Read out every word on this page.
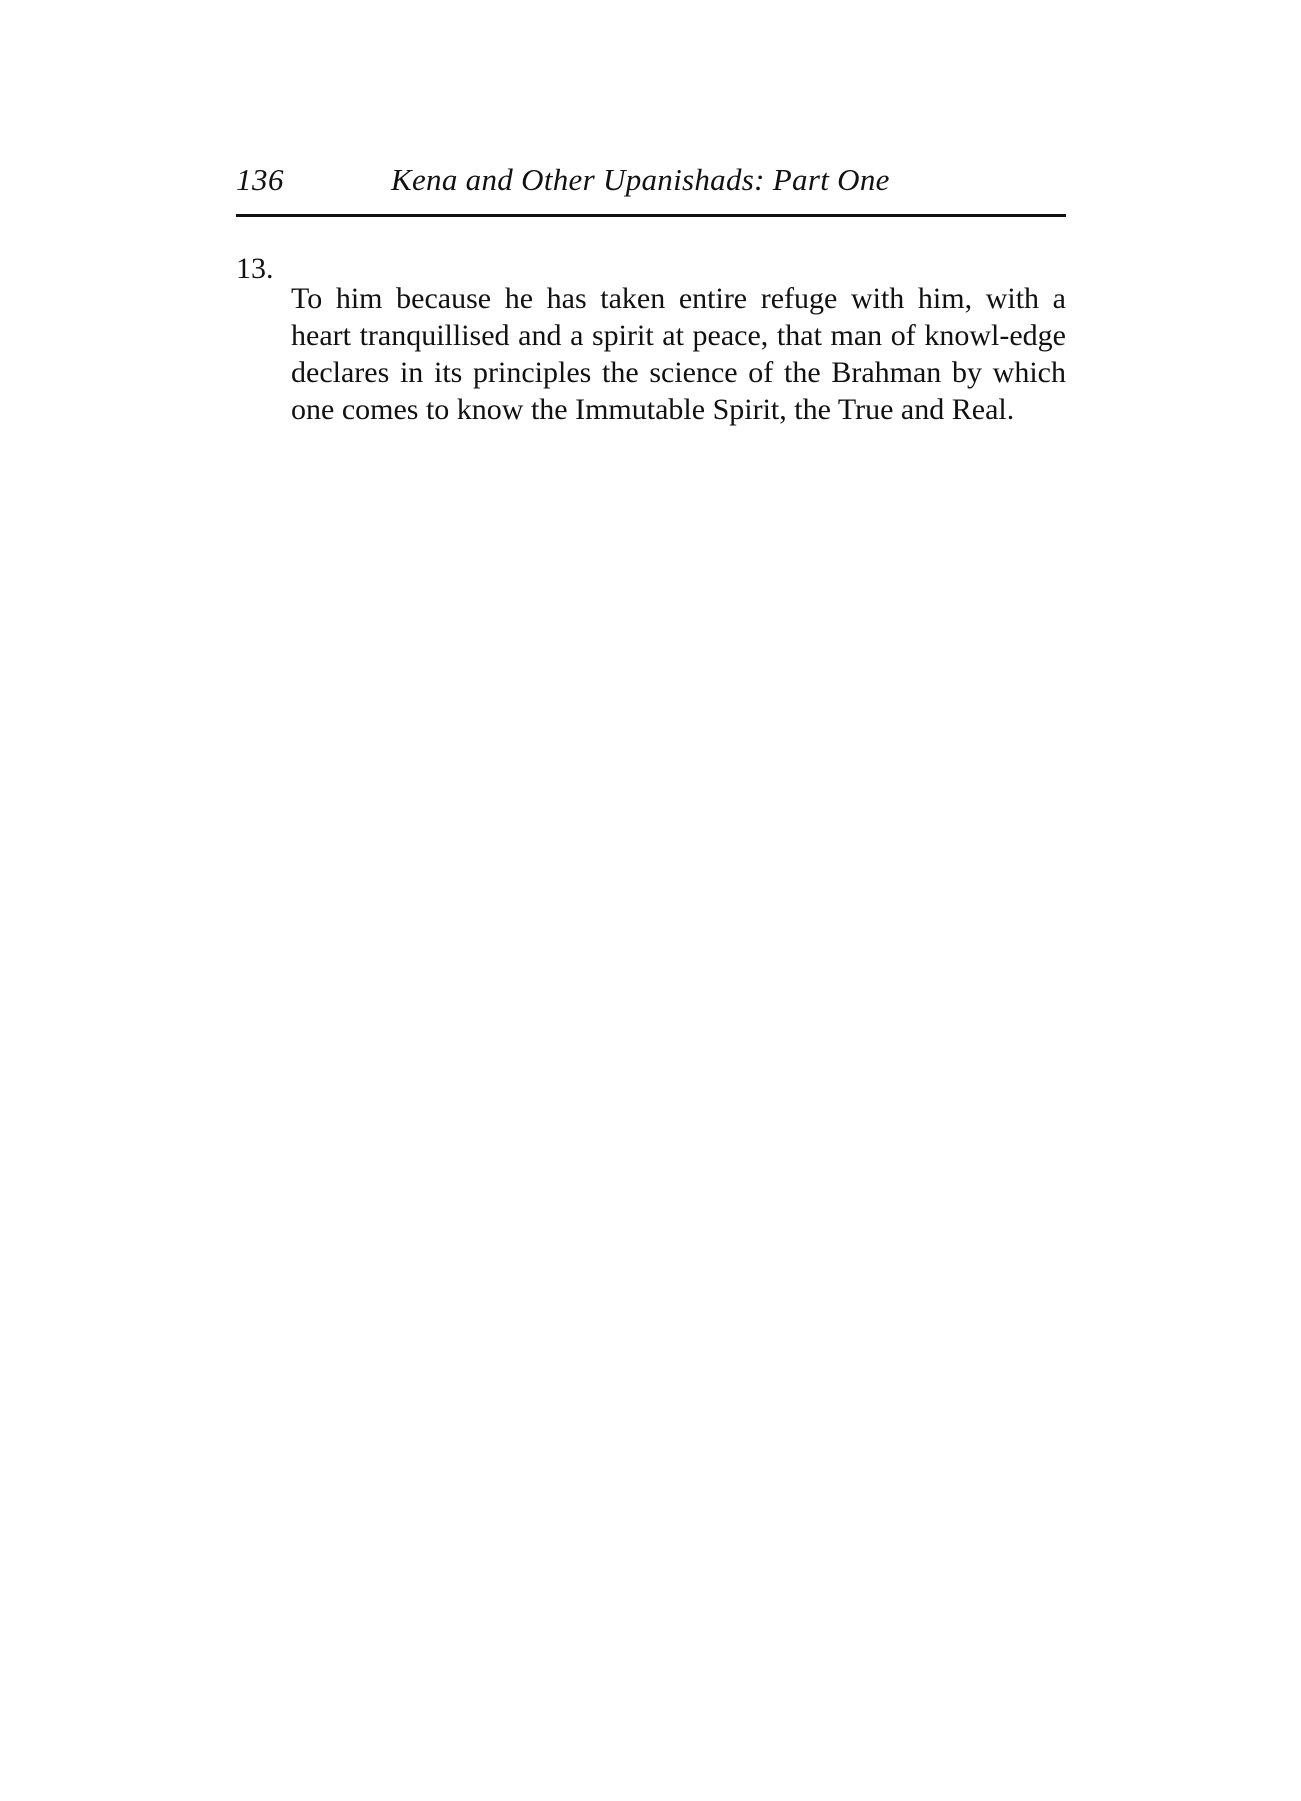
136	Kena and Other Upanishads: Part One
13.

To him because he has taken entire refuge with him, with a heart tranquillised and a spirit at peace, that man of knowl-edge declares in its principles the science of the Brahman by which one comes to know the Immutable Spirit, the True and Real.
